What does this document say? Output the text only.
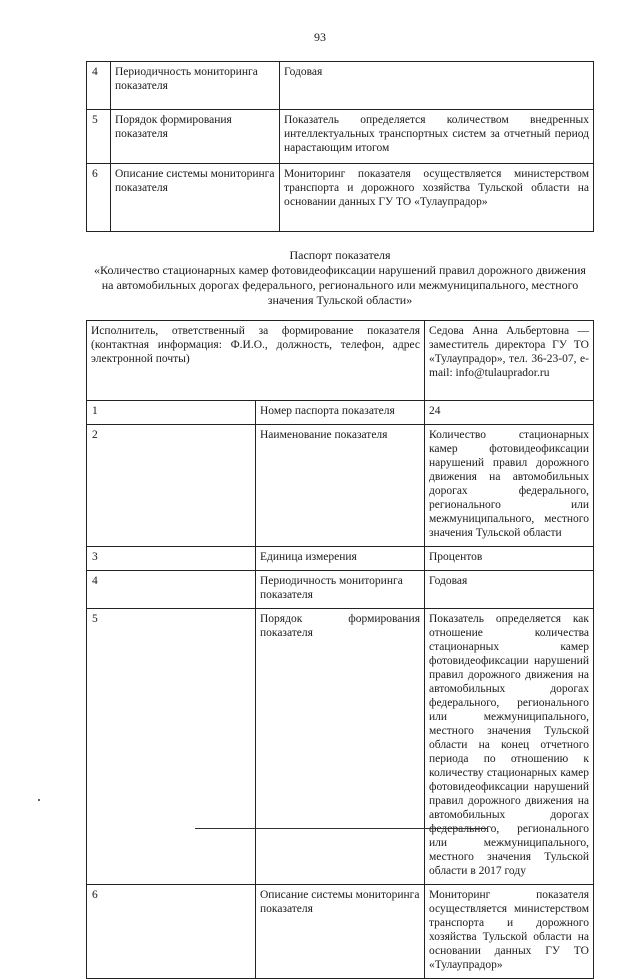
93
4	Периодичность мониторинга показателя	Годовая
5	Порядок формирования показателя	Показатель определяется количеством внедренных интеллектуальных транспортных систем за отчетный период нарастающим итогом
6	Описание системы мониторинга показателя	Мониторинг показателя осуществляется министерством транспорта и дорожного хозяйства Тульской области на основании данных ГУ ТО «Тулаупрадор»
Паспорт показателя
«Количество стационарных камер фотовидеофиксации нарушений правил дорожного движения на автомобильных дорогах федерального, регионального или межмуниципального, местного значения Тульской области»
Исполнитель, ответственный за формирование показателя (контактная информация: Ф.И.О., должность, телефон, адрес электронной почты)		Седова Анна Альбертовна — заместитель директора ГУ ТО «Тулаупрадор», тел. 36-23-07, e-mail: info@tulauprador.ru
1	Номер паспорта показателя	24
2	Наименование показателя	Количество стационарных камер фотовидеофиксации нарушений правил дорожного движения на автомобильных дорогах федерального, регионального или межмуниципального, местного значения Тульской области
3	Единица измерения	Процентов
4	Периодичность мониторинга показателя	Годовая
5	Порядок формирования показателя	Показатель определяется как отношение количества стационарных камер фотовидеофиксации нарушений правил дорожного движения на автомобильных дорогах федерального, регионального или межмуниципального, местного значения Тульской области на конец отчетного периода по отношению к количеству стационарных камер фотовидеофиксации нарушений правил дорожного движения на автомобильных дорогах федерального, регионального или межмуниципального, местного значения Тульской области в 2017 году
6	Описание системы мониторинга показателя	Мониторинг показателя осуществляется министерством транспорта и дорожного хозяйства Тульской области на основании данных ГУ ТО «Тулаупрадор»
